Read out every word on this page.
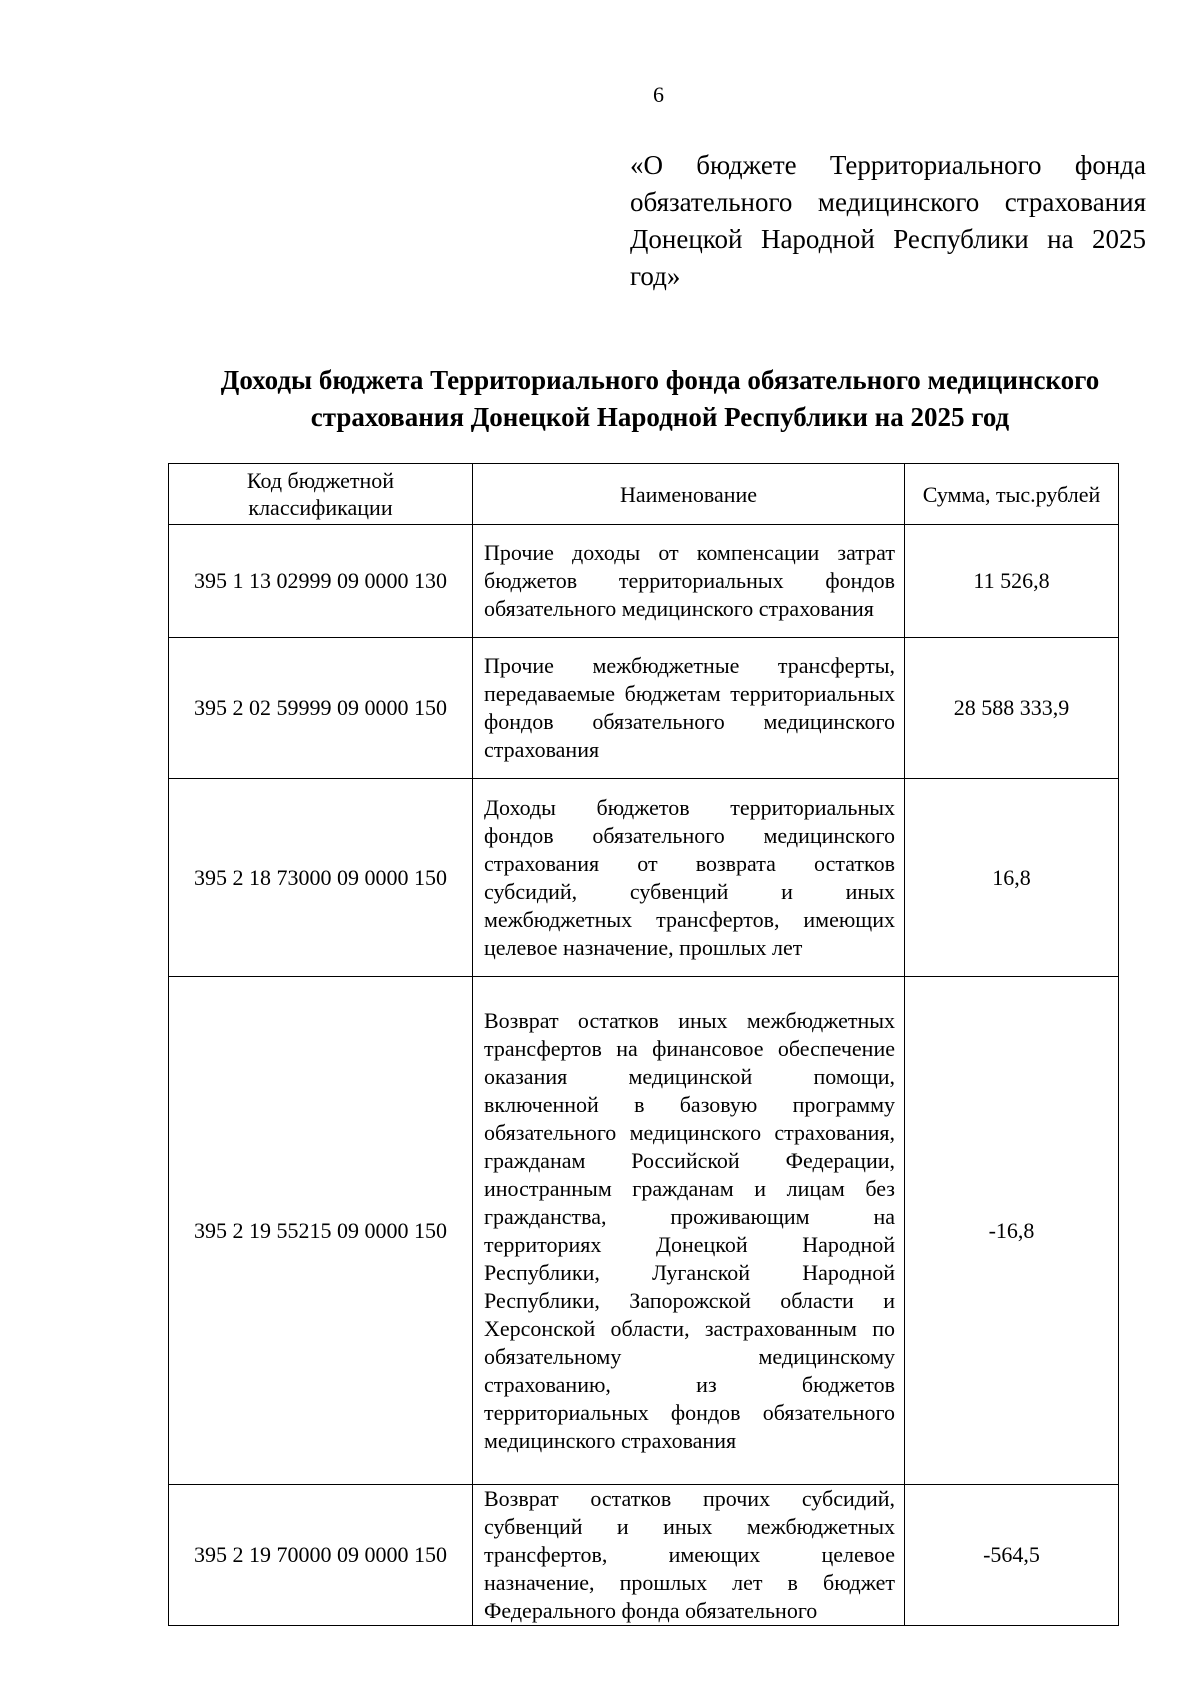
6
«О бюджете Территориального фонда обязательного медицинского страхования Донецкой Народной Республики на 2025 год»
Доходы бюджета Территориального фонда обязательного медицинского страхования Донецкой Народной Республики на 2025 год
Код бюджетной классификации	Наименование	Сумма, тыс.рублей
395 1 13 02999 09 0000 130	Прочие доходы от компенсации затрат бюджетов территориальных фондов обязательного медицинского страхования	11 526,8
395 2 02 59999 09 0000 150	Прочие межбюджетные трансферты, передаваемые бюджетам территориальных фондов обязательного медицинского страхования	28 588 333,9
395 2 18 73000 09 0000 150	Доходы бюджетов территориальных фондов обязательного медицинского страхования от возврата остатков субсидий, субвенций и иных межбюджетных трансфертов, имеющих целевое назначение, прошлых лет	16,8
395 2 19 55215 09 0000 150	Возврат остатков иных межбюджетных трансфертов на финансовое обеспечение оказания медицинской помощи, включенной в базовую программу обязательного медицинского страхования, гражданам Российской Федерации, иностранным гражданам и лицам без гражданства, проживающим на территориях Донецкой Народной Республики, Луганской Народной Республики, Запорожской области и Херсонской области, застрахованным по обязательному медицинскому страхованию, из бюджетов территориальных фондов обязательного медицинского страхования	-16,8
395 2 19 70000 09 0000 150	Возврат остатков прочих субсидий, субвенций и иных межбюджетных трансфертов, имеющих целевое назначение, прошлых лет в бюджет Федерального фонда обязательного	-564,5
